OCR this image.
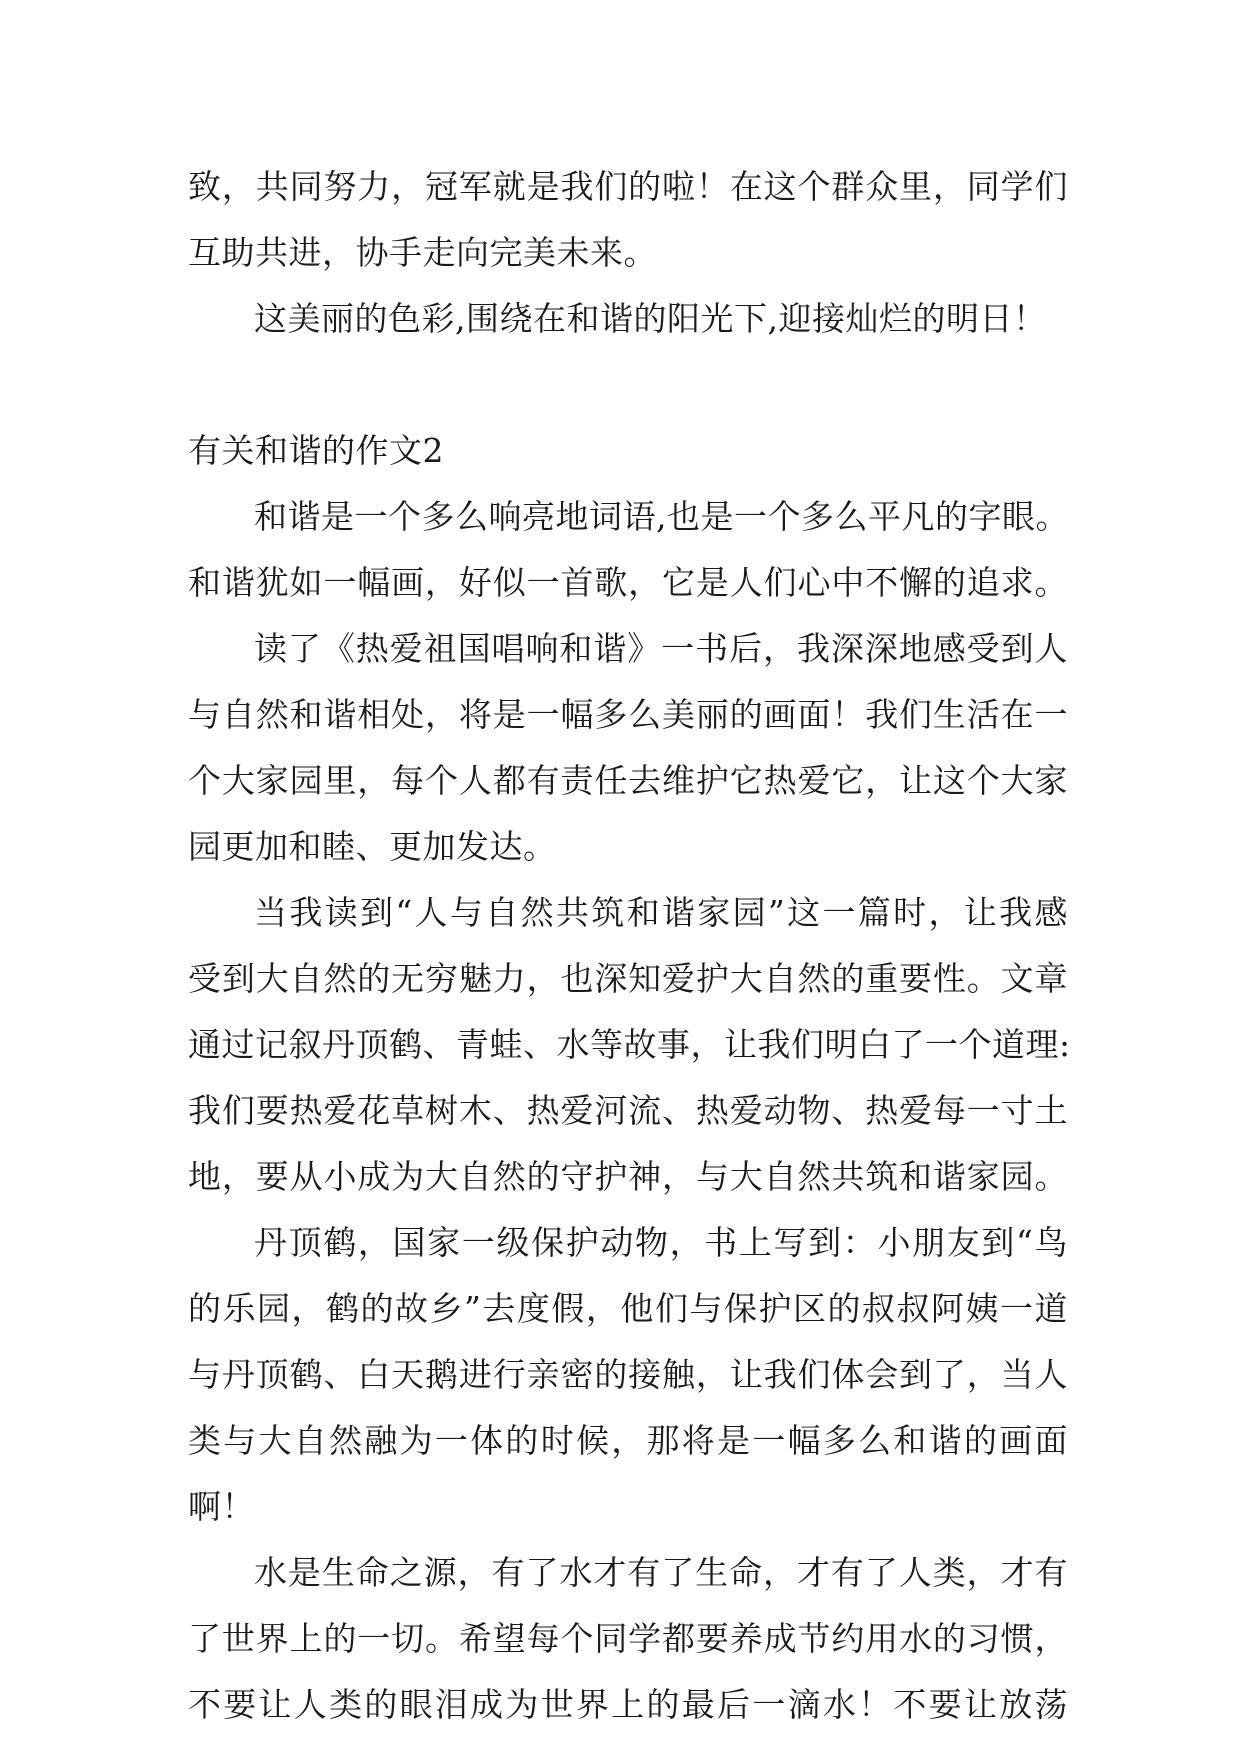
致，共同努力，冠军就是我们的啦！在这个群众里，同学们
互助共进，协手走向完美未来。
这美丽的色彩,围绕在和谐的阳光下,迎接灿烂的明日！
有关和谐的作文2
和谐是一个多么响亮地词语,也是一个多么平凡的字眼。
和谐犹如一幅画，好似一首歌，它是人们心中不懈的追求。
读了《热爱祖国唱响和谐》一书后，我深深地感受到人
与自然和谐相处，将是一幅多么美丽的画面！我们生活在一
个大家园里，每个人都有责任去维护它热爱它，让这个大家
园更加和睦、更加发达。
当我读到“人与自然共筑和谐家园”这一篇时，让我感
受到大自然的无穷魅力，也深知爱护大自然的重要性。文章
通过记叙丹顶鹤、青蛙、水等故事，让我们明白了一个道理:
我们要热爱花草树木、热爱河流、热爱动物、热爱每一寸土
地，要从小成为大自然的守护神，与大自然共筑和谐家园。
丹顶鹤，国家一级保护动物，书上写到：小朋友到“鸟
的乐园，鹤的故乡”去度假，他们与保护区的叔叔阿姨一道
与丹顶鹤、白天鹅进行亲密的接触，让我们体会到了，当人
类与大自然融为一体的时候，那将是一幅多么和谐的画面
啊！
水是生命之源，有了水才有了生命，才有了人类，才有
了世界上的一切。希望每个同学都要养成节约用水的习惯，
不要让人类的眼泪成为世界上的最后一滴水！不要让放荡
